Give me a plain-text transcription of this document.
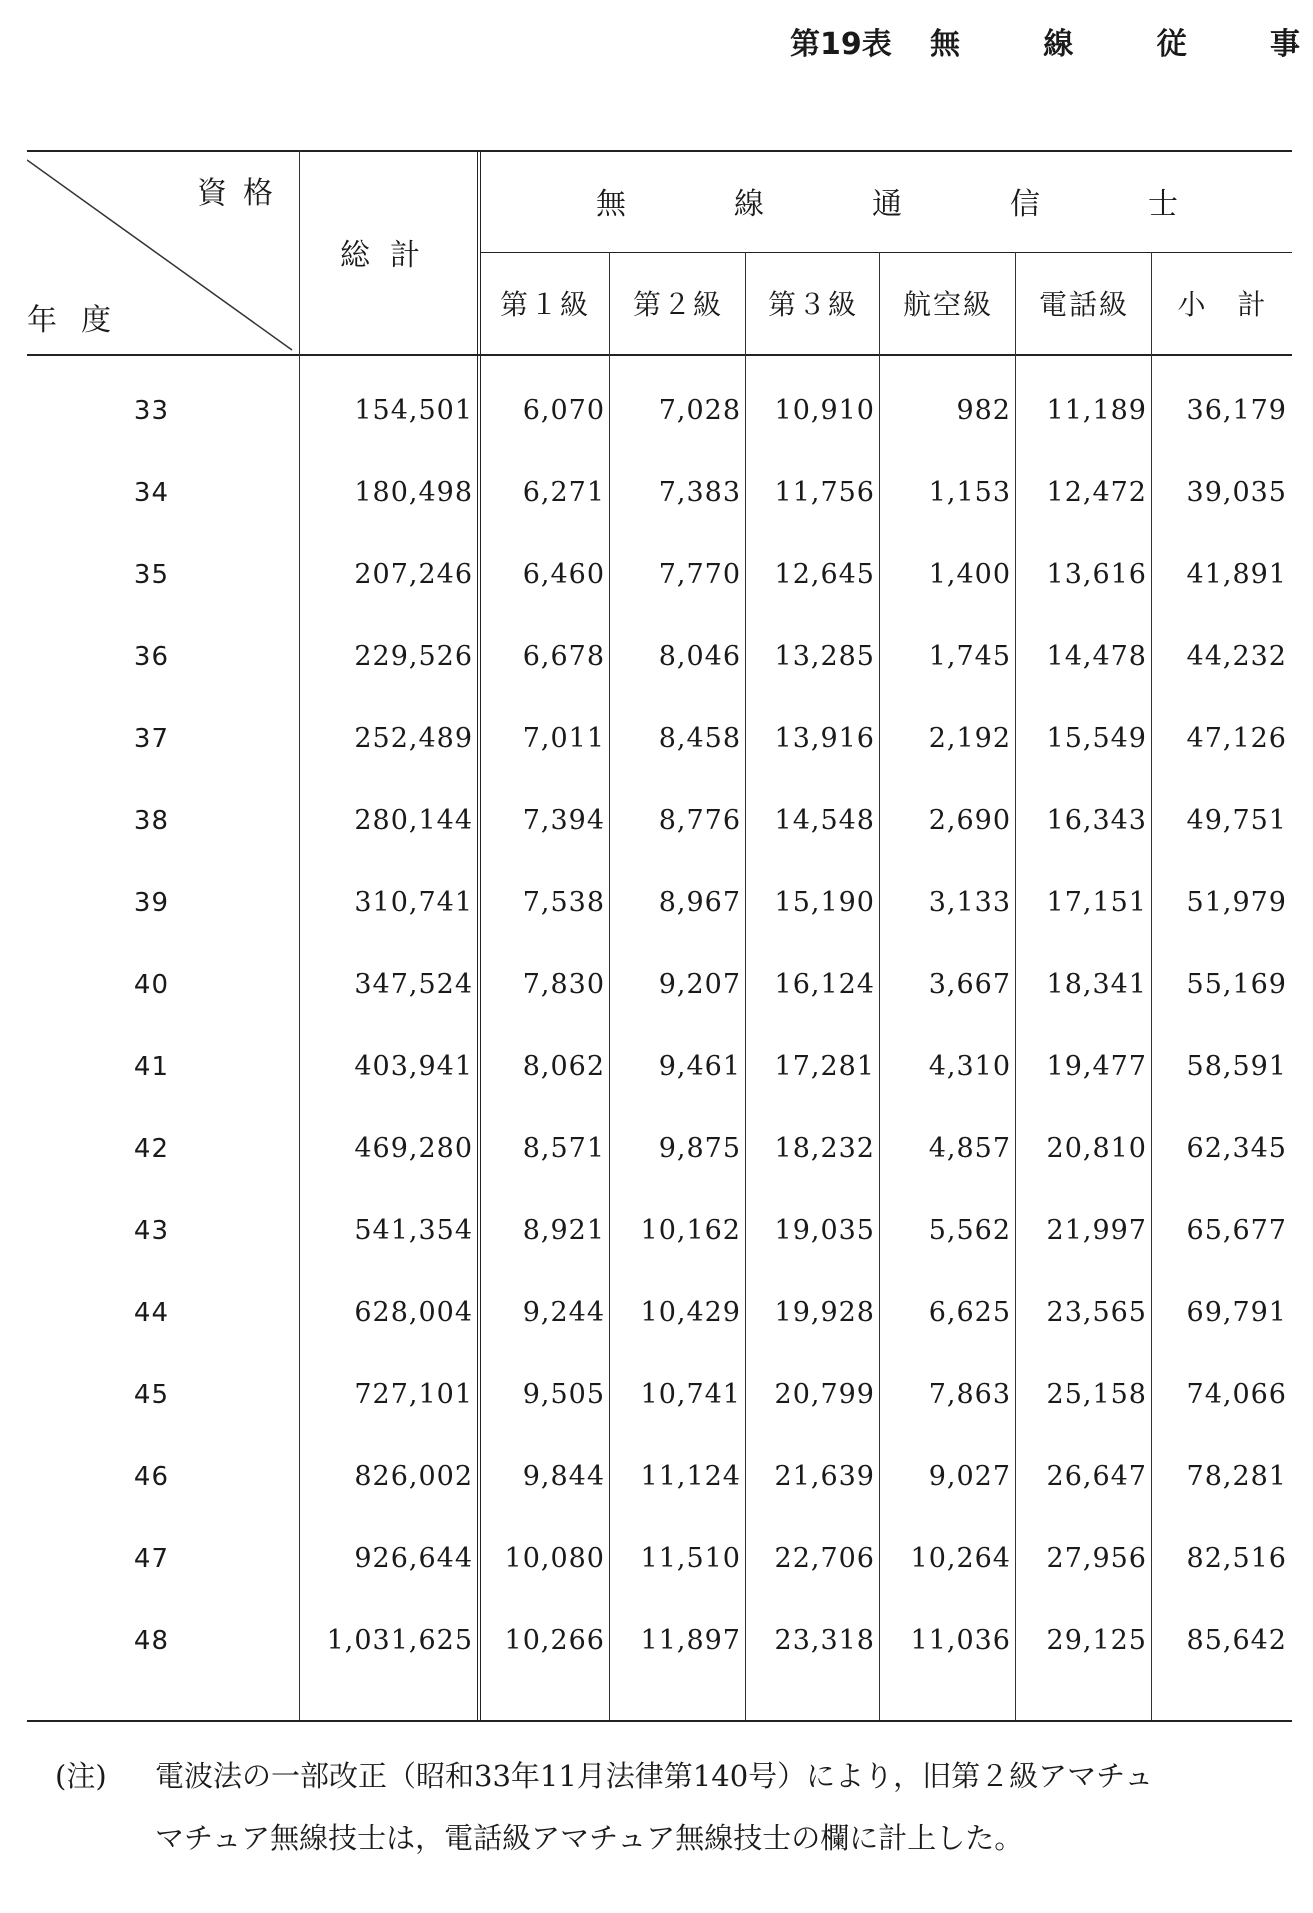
第19表	無	線	従	事
資格
年度
総計
無	線	通	信	士
第１級	第２級	第３級	航空級	電話級	小　計
33	154,501	6,070	7,028	10,910	982	11,189	36,179
34	180,498	6,271	7,383	11,756	1,153	12,472	39,035
35	207,246	6,460	7,770	12,645	1,400	13,616	41,891
36	229,526	6,678	8,046	13,285	1,745	14,478	44,232
37	252,489	7,011	8,458	13,916	2,192	15,549	47,126
38	280,144	7,394	8,776	14,548	2,690	16,343	49,751
39	310,741	7,538	8,967	15,190	3,133	17,151	51,979
40	347,524	7,830	9,207	16,124	3,667	18,341	55,169
41	403,941	8,062	9,461	17,281	4,310	19,477	58,591
42	469,280	8,571	9,875	18,232	4,857	20,810	62,345
43	541,354	8,921	10,162	19,035	5,562	21,997	65,677
44	628,004	9,244	10,429	19,928	6,625	23,565	69,791
45	727,101	9,505	10,741	20,799	7,863	25,158	74,066
46	826,002	9,844	11,124	21,639	9,027	26,647	78,281
47	926,644	10,080	11,510	22,706	10,264	27,956	82,516
48	1,031,625	10,266	11,897	23,318	11,036	29,125	85,642
(注)	電波法の一部改正（昭和33年11月法律第140号）により，旧第２級アマチュ
マチュア無線技士は，電話級アマチュア無線技士の欄に計上した。
